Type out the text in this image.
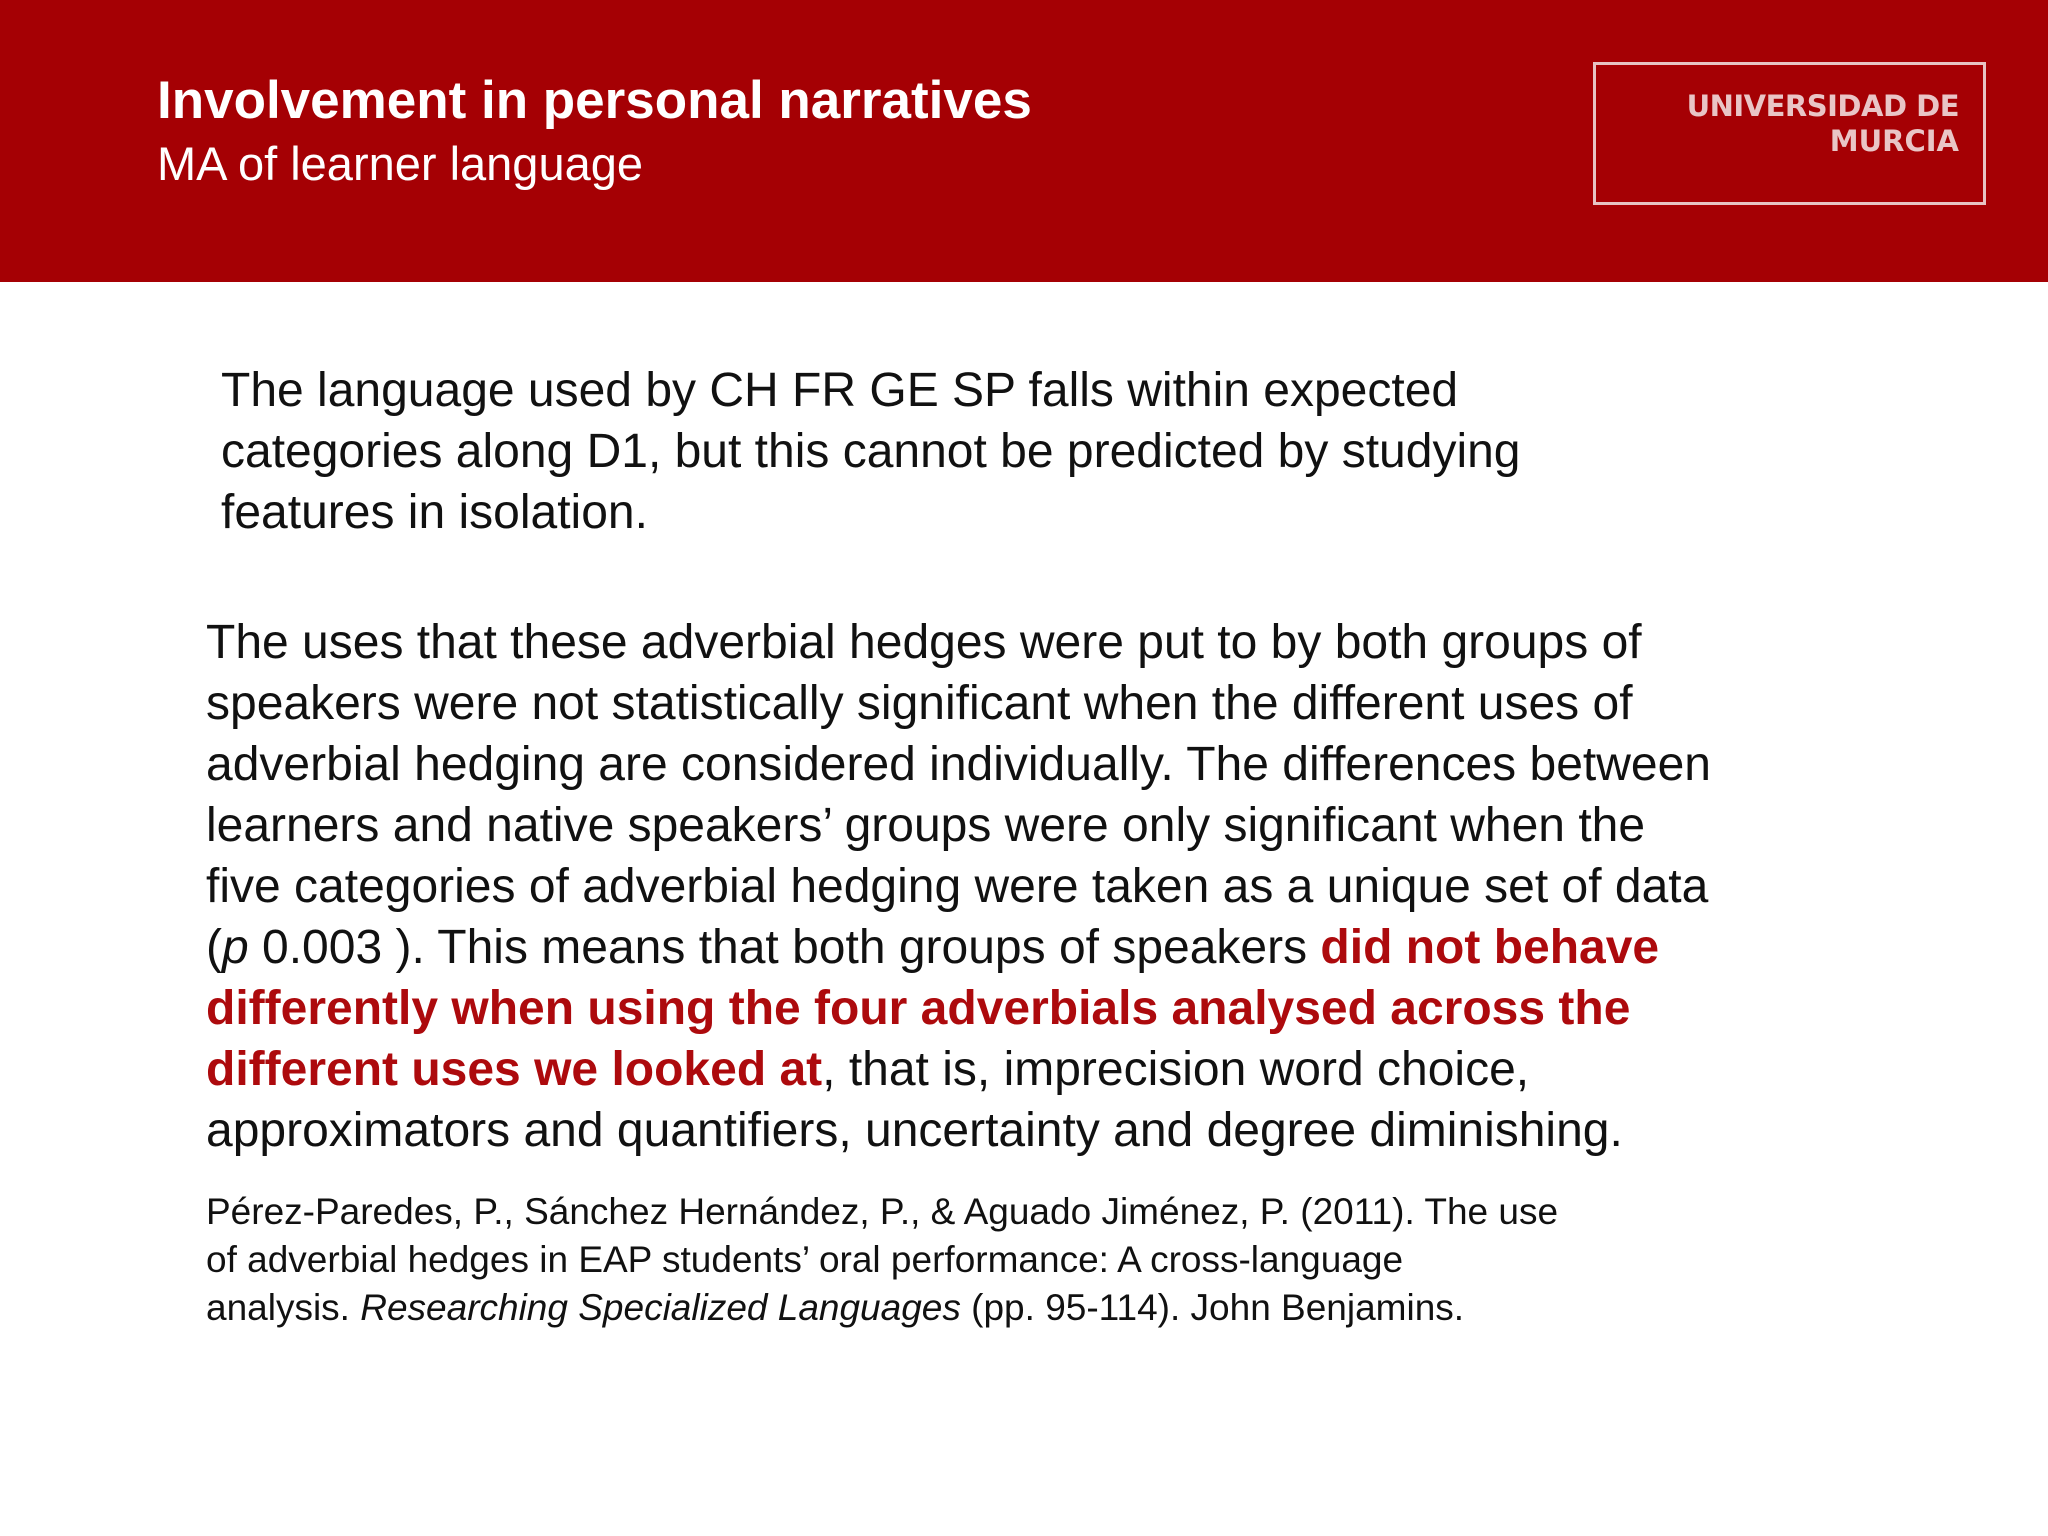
Involvement in personal narratives
MA of learner language
UNIVERSIDAD DE
MURCIA

The language used by CH FR GE SP falls within expected
categories along D1, but this cannot be predicted by studying
features in isolation.

The uses that these adverbial hedges were put to by both groups of
speakers were not statistically significant when the different uses of
adverbial hedging are considered individually. The differences between
learners and native speakers’ groups were only significant when the
five categories of adverbial hedging were taken as a unique set of data
(p 0.003 ). This means that both groups of speakers did not behave
differently when using the four adverbials analysed across the
different uses we looked at, that is, imprecision word choice,
approximators and quantifiers, uncertainty and degree diminishing.

Pérez-Paredes, P., Sánchez Hernández, P., & Aguado Jiménez, P. (2011). The use
of adverbial hedges in EAP students’ oral performance: A cross-language
analysis. Researching Specialized Languages (pp. 95-114). John Benjamins.
